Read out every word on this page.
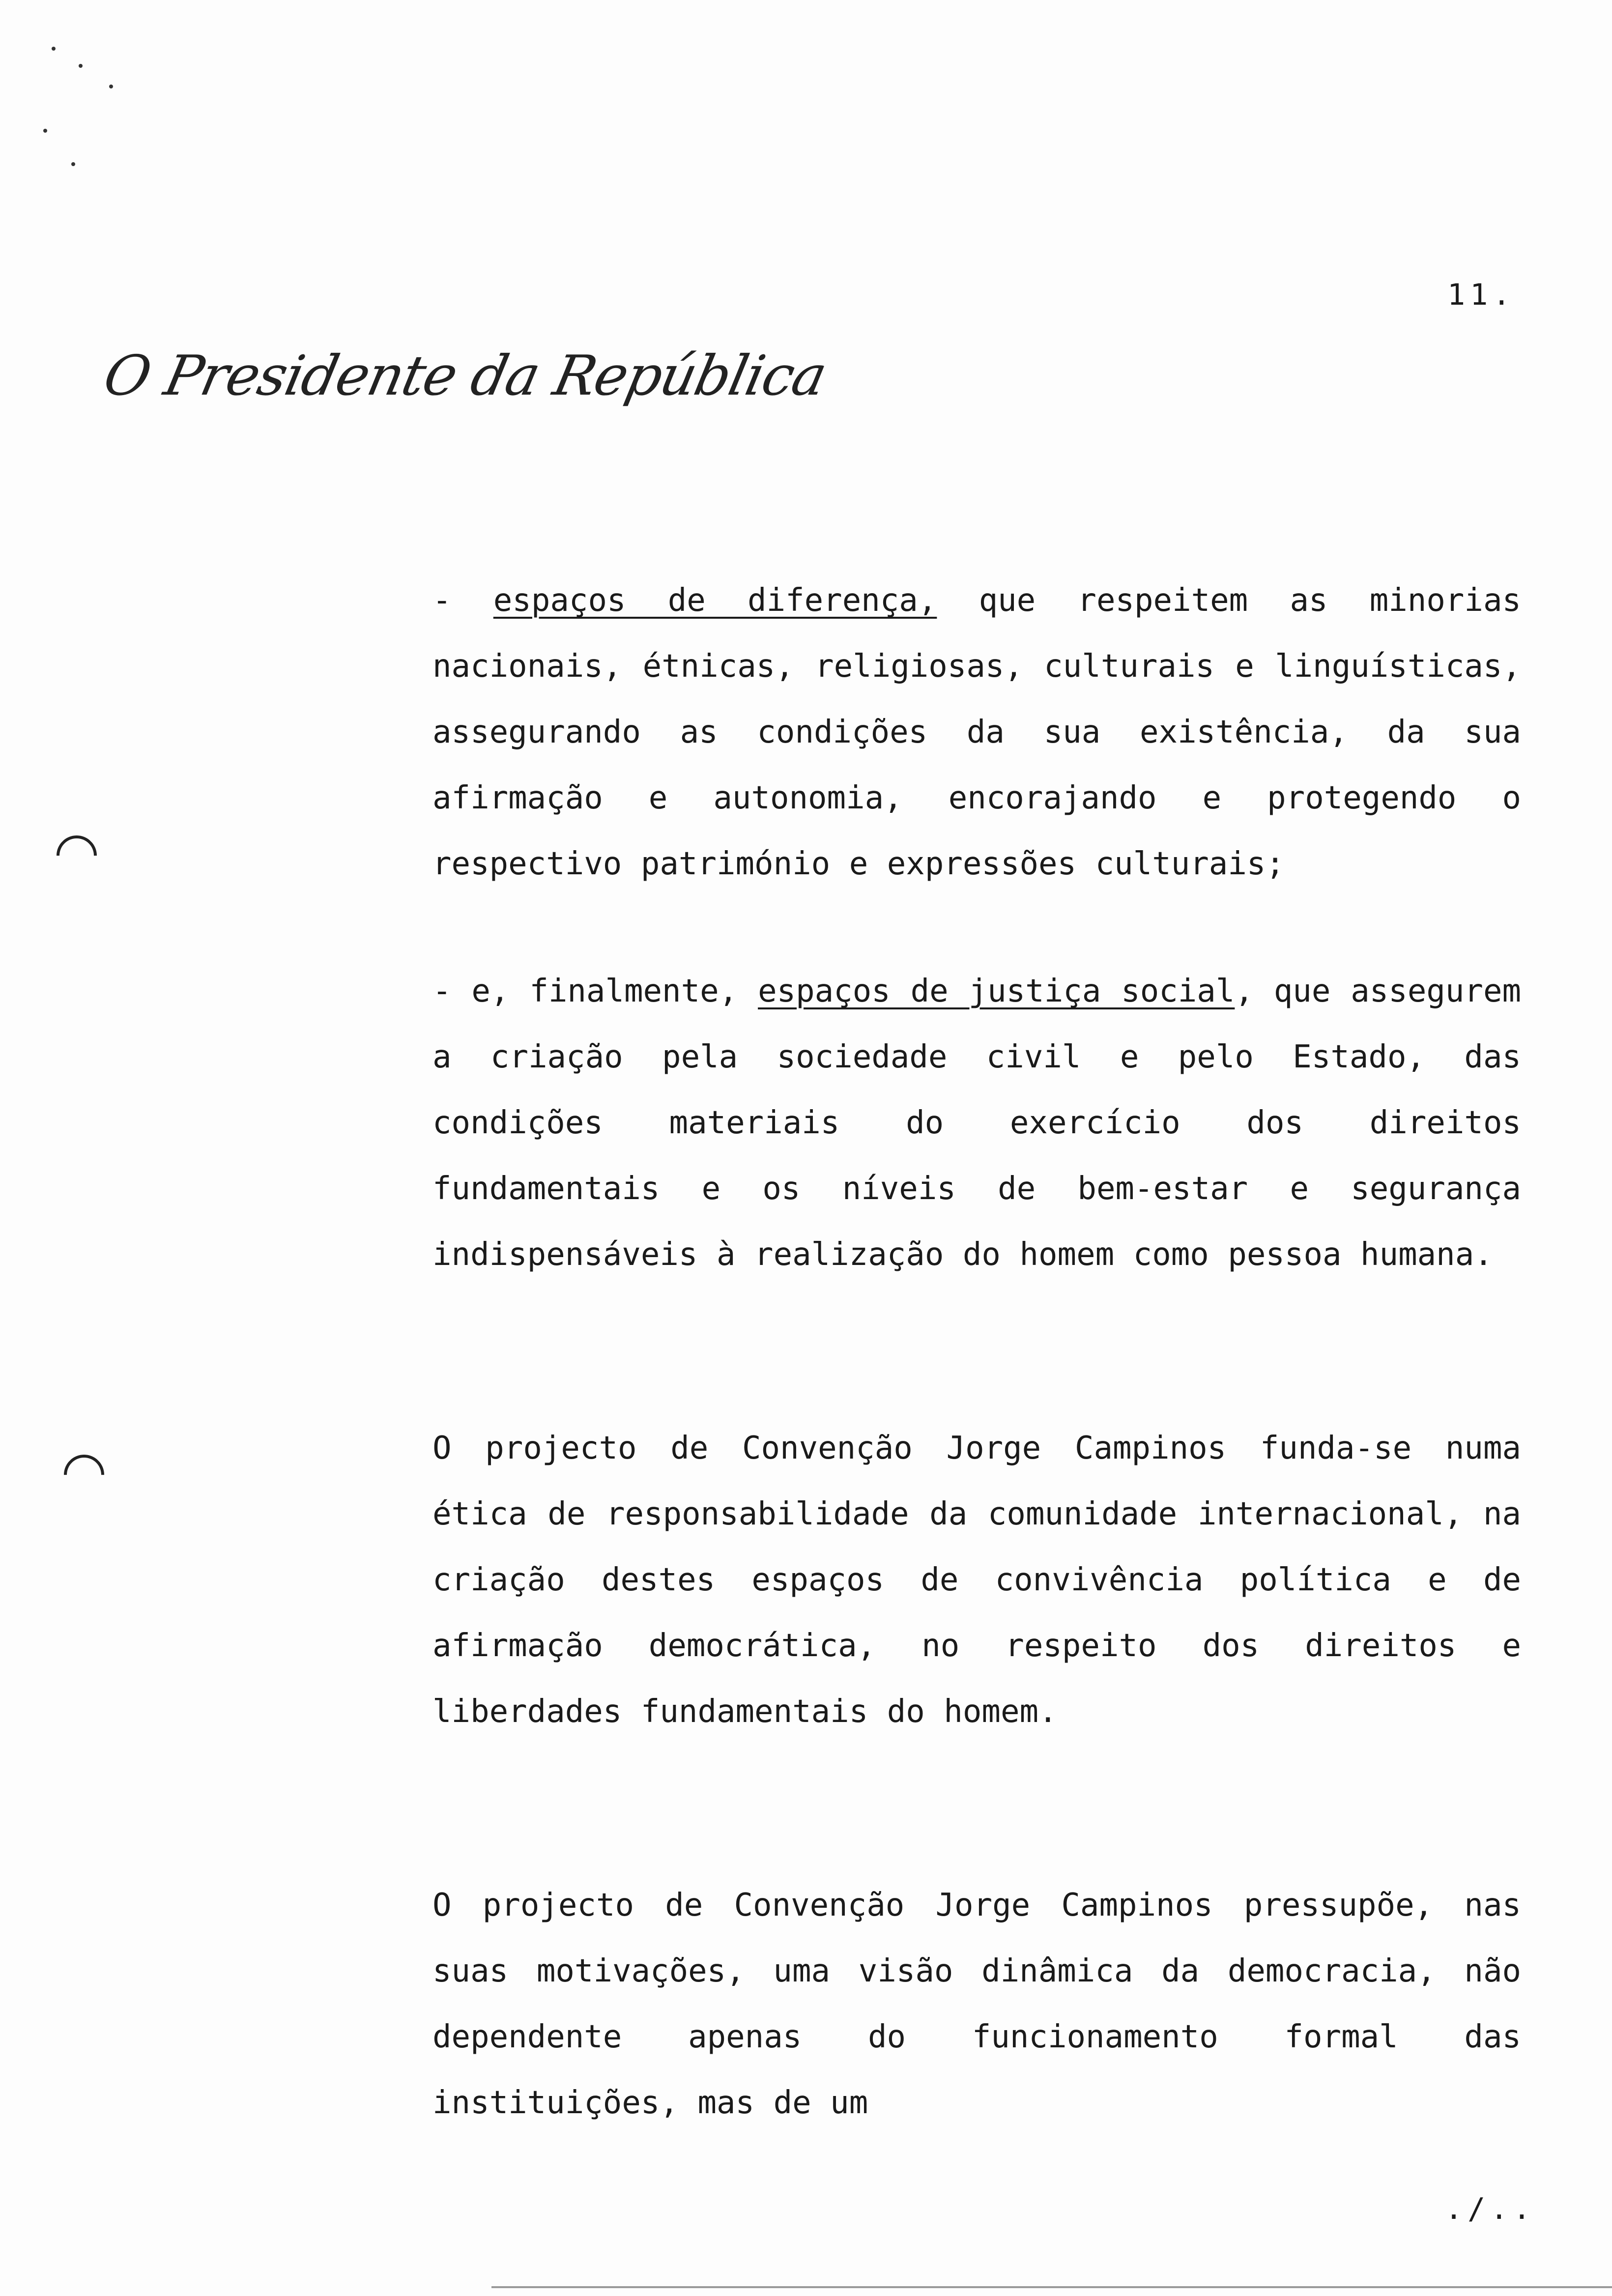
11.
O Presidente da República
- espaços de diferença, que respeitem as minorias nacionais, étnicas, religiosas, culturais e linguísticas, assegurando as condições da sua existência, da sua afirmação e autonomia, encorajando e protegendo o respectivo património e expressões culturais;
- e, finalmente, espaços de justiça social, que assegurem a criação pela sociedade civil e pelo Estado, das condições materiais do exercício dos direitos fundamentais e os níveis de bem-estar e segurança indispensáveis à realização do homem como pessoa humana.
O projecto de Convenção Jorge Campinos funda-se numa ética de responsabilidade da comunidade internacional, na criação destes espaços de convivência política e de afirmação democrática, no respeito dos direitos e liberdades fundamentais do homem.
O projecto de Convenção Jorge Campinos pressupõe, nas suas motivações, uma visão dinâmica da democracia, não dependente apenas do funcionamento formal das instituições, mas de um
./..
